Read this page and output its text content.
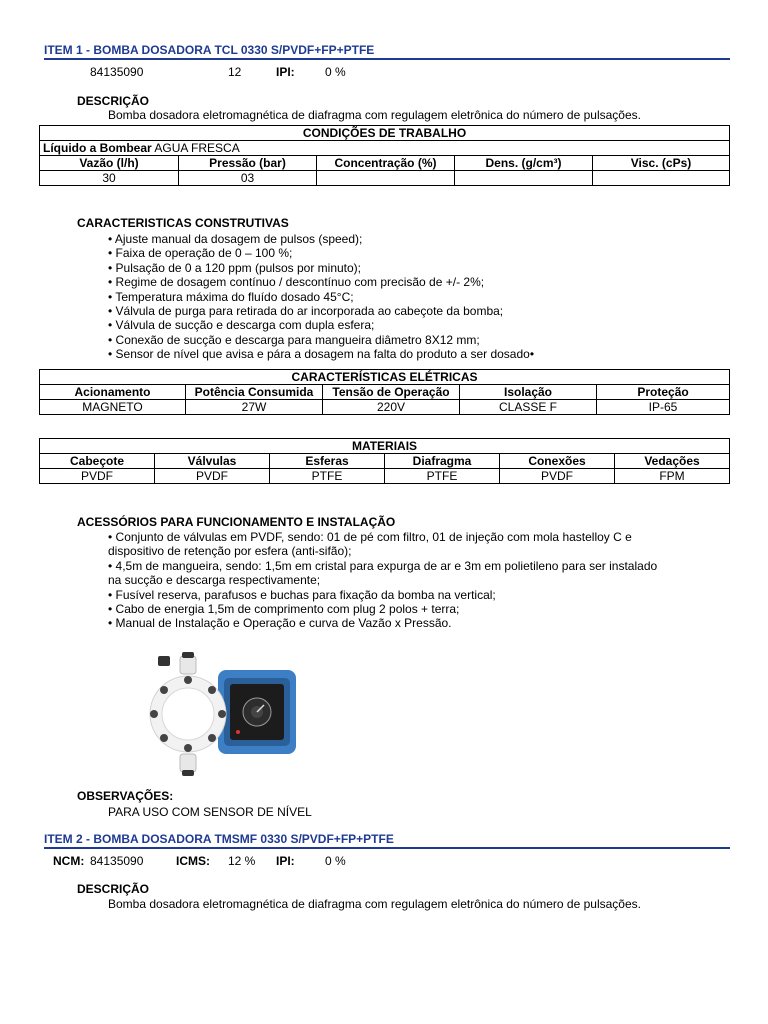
ITEM 1 - BOMBA DOSADORA TCL 0330 S/PVDF+FP+PTFE
84135090	12	IPI:	0 %
DESCRIÇÃO
Bomba dosadora eletromagnética de diafragma com regulagem eletrônica do número de pulsações.
CONDIÇÕES DE TRABALHO				
Líquido a Bombear AGUA FRESCA				
Vazão (l/h)	Pressão (bar)	Concentração (%)	Dens. (g/cm³)	Visc. (cPs)
30	03			
CARACTERISTICAS CONSTRUTIVAS
• Ajuste manual da dosagem de pulsos (speed);
• Faixa de operação de 0 – 100 %;
• Pulsação de 0 a 120 ppm (pulsos por minuto);
• Regime de dosagem contínuo / descontínuo com precisão de +/- 2%;
• Temperatura máxima do fluído dosado 45°C;
• Válvula de purga para retirada do ar incorporada ao cabeçote da bomba;
• Válvula de sucção e descarga com dupla esfera;
• Conexão de sucção e descarga para mangueira diâmetro 8X12 mm;
• Sensor de nível que avisa e pára a dosagem na falta do produto a ser dosado•
CARACTERÍSTICAS ELÉTRICAS				
Acionamento	Potência Consumida	Tensão de Operação	Isolação	Proteção
MAGNETO	27W	220V	CLASSE F	IP-65
MATERIAIS					
Cabeçote	Válvulas	Esferas	Diafragma	Conexões	Vedações
PVDF	PVDF	PTFE	PTFE	PVDF	FPM
ACESSÓRIOS PARA FUNCIONAMENTO E INSTALAÇÃO
• Conjunto de válvulas em PVDF, sendo: 01 de pé com filtro, 01 de injeção com mola hastelloy C e
dispositivo de retenção por esfera (anti-sifão);
• 4,5m de mangueira, sendo: 1,5m em cristal para expurga de ar e 3m em polietileno para ser instalado
na sucção e descarga respectivamente;
• Fusível reserva, parafusos e buchas para fixação da bomba na vertical;
• Cabo de energia 1,5m de comprimento com plug 2 polos + terra;
• Manual de Instalação e Operação e curva de Vazão x Pressão.
OBSERVAÇÕES:
PARA USO COM SENSOR DE NÍVEL
ITEM 2 - BOMBA DOSADORA TMSMF 0330 S/PVDF+FP+PTFE
NCM: 84135090	ICMS: 12 % IPI:	0 %
DESCRIÇÃO
Bomba dosadora eletromagnética de diafragma com regulagem eletrônica do número de pulsações.
